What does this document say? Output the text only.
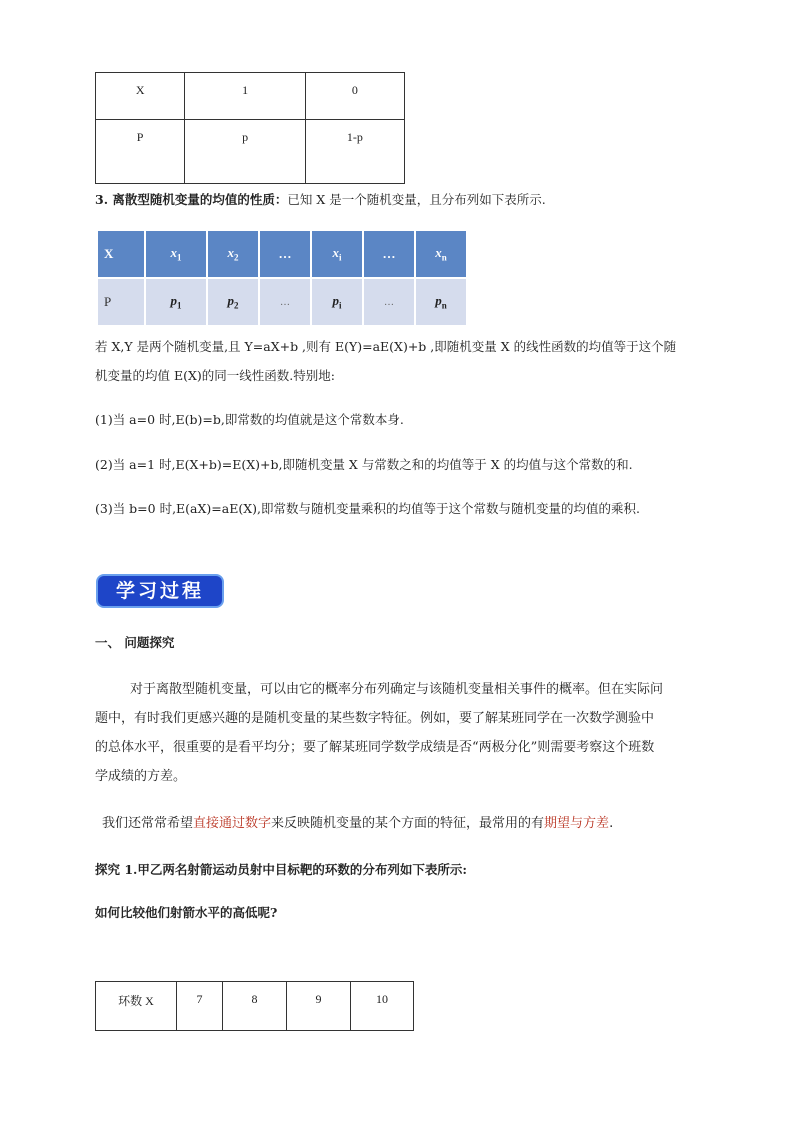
X	1	0
P	p	1-p
3. 离散型随机变量的均值的性质：已知 X 是一个随机变量，且分布列如下表所示.
X	$x_1$	$x_2$	…	$x_i$	…	$x_n$
P	$p_1$	$p_2$	…	$p_i$	…	$p_n$
若 X,Y 是两个随机变量,且 Y=aX+b ,则有 E(Y)=aE(X)+b ,即随机变量 X 的线性函数的均值等于这个随
机变量的均值 E(X)的同一线性函数.特别地:
(1)当 a=0 时,E(b)=b,即常数的均值就是这个常数本身.
(2)当 a=1 时,E(X+b)=E(X)+b,即随机变量 X 与常数之和的均值等于 X 的均值与这个常数的和.
(3)当 b=0 时,E(aX)=aE(X),即常数与随机变量乘积的均值等于这个常数与随机变量的均值的乘积.
学习过程
一、 问题探究
对于离散型随机变量，可以由它的概率分布列确定与该随机变量相关事件的概率。但在实际问
题中，有时我们更感兴趣的是随机变量的某些数字特征。例如，要了解某班同学在一次数学测验中
的总体水平，很重要的是看平均分；要了解某班同学数学成绩是否“两极分化”则需要考察这个班数
学成绩的方差。
我们还常常希望直接通过数字来反映随机变量的某个方面的特征，最常用的有期望与方差.
探究 1.甲乙两名射箭运动员射中目标靶的环数的分布列如下表所示:
如何比较他们射箭水平的高低呢?
环数 X	7	8	9	10
